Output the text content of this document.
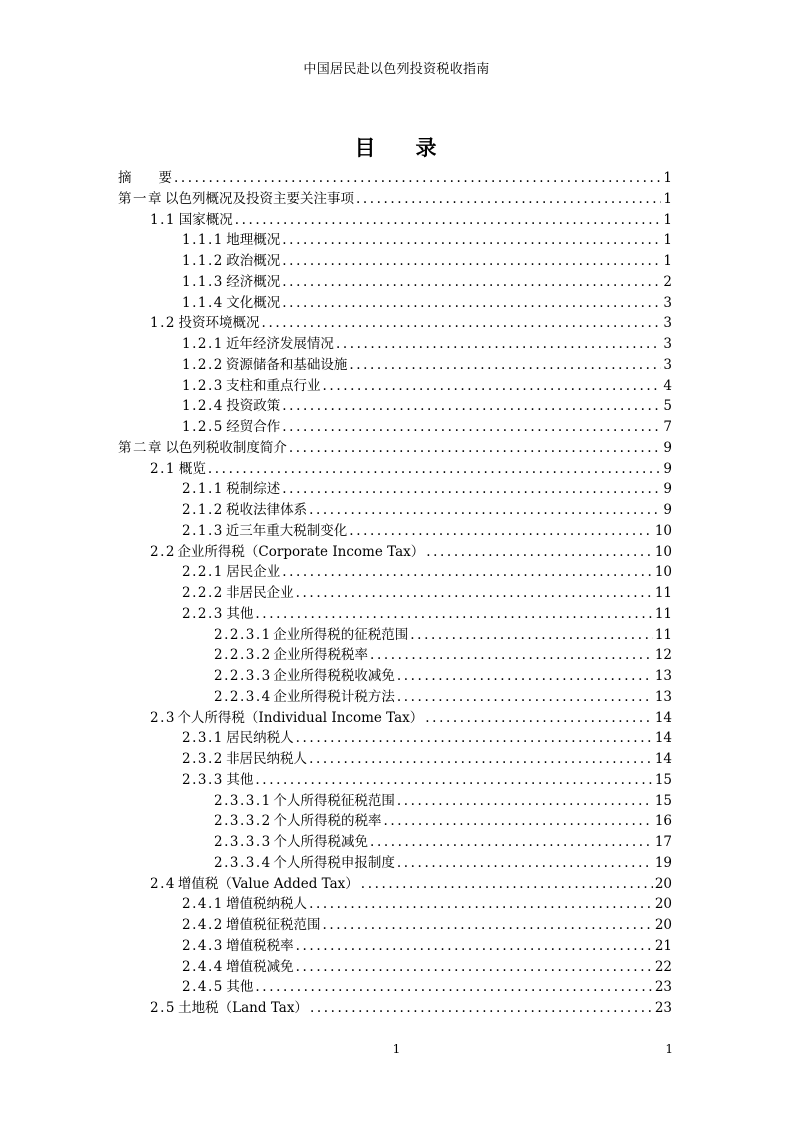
中国居民赴以色列投资税收指南
目 录
摘　　要 .....	1
第一章 以色列概况及投资主要关注事项 .....	1
1.1 国家概况 .....	1
1.1.1 地理概况 .....	1
1.1.2 政治概况 .....	1
1.1.3 经济概况 .....	2
1.1.4 文化概况 .....	3
1.2 投资环境概况 .....	3
1.2.1 近年经济发展情况 .....	3
1.2.2 资源储备和基础设施 .....	3
1.2.3 支柱和重点行业 .....	4
1.2.4 投资政策 .....	5
1.2.5 经贸合作 .....	7
第二章 以色列税收制度简介 .....	9
2.1 概览 .....	9
2.1.1 税制综述 .....	9
2.1.2 税收法律体系 .....	9
2.1.3 近三年重大税制变化 .....	10
2.2 企业所得税（Corporate Income Tax） .....	10
2.2.1 居民企业 .....	10
2.2.2 非居民企业 .....	11
2.2.3 其他 .....	11
2.2.3.1 企业所得税的征税范围 .....	11
2.2.3.2 企业所得税税率 .....	12
2.2.3.3 企业所得税税收减免 .....	13
2.2.3.4 企业所得税计税方法 .....	13
2.3 个人所得税（Individual Income Tax） .....	14
2.3.1 居民纳税人 .....	14
2.3.2 非居民纳税人 .....	14
2.3.3 其他 .....	15
2.3.3.1 个人所得税征税范围 .....	15
2.3.3.2 个人所得税的税率 .....	16
2.3.3.3 个人所得税减免 .....	17
2.3.3.4 个人所得税申报制度 .....	19
2.4 增值税（Value Added Tax） .....	20
2.4.1 增值税纳税人 .....	20
2.4.2 增值税征税范围 .....	20
2.4.3 增值税税率 .....	21
2.4.4 增值税减免 .....	22
2.4.5 其他 .....	23
2.5 土地税（Land Tax） .....	23
1	1
